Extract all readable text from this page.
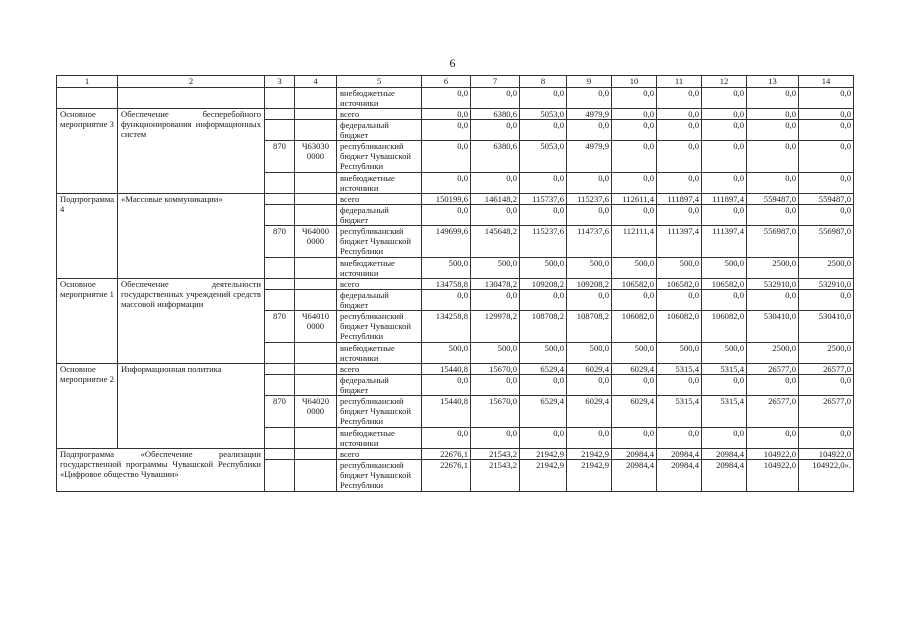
6
1	2	3	4	5	6	7	8	9	10	11	12	13	14
				внебюджетные источники	0,0	0,0	0,0	0,0	0,0	0,0	0,0	0,0	0,0
Основное мероприятие 3	Обеспечение бесперебойного функционирования информационных систем			всего	0,0	6380,6	5053,0	4979,9	0,0	0,0	0,0	0,0	0,0
				федеральный бюджет	0,0	0,0	0,0	0,0	0,0	0,0	0,0	0,0	0,0
		870	Ч63030 0000	республиканский бюджет Чувашской Республики	0,0	6380,6	5053,0	4979,9	0,0	0,0	0,0	0,0	0,0
				внебюджетные источники	0,0	0,0	0,0	0,0	0,0	0,0	0,0	0,0	0,0
Подпрограмма 4	«Массовые коммуникации»			всего	150199,6	146148,2	115737,6	115237,6	112611,4	111897,4	111897,4	559487,0	559487,0
				федеральный бюджет	0,0	0,0	0,0	0,0	0,0	0,0	0,0	0,0	0,0
		870	Ч64000 0000	республиканский бюджет Чувашской Республики	149699,6	145648,2	115237,6	114737,6	112111,4	111397,4	111397,4	556987,0	556987,0
				внебюджетные источники	500,0	500,0	500,0	500,0	500,0	500,0	500,0	2500,0	2500,0
Основное мероприятие 1	Обеспечение деятельности государственных учреждений средств массовой информации			всего	134758,8	130478,2	109208,2	109208,2	106582,0	106582,0	106582,0	532910,0	532910,0
				федеральный бюджет	0,0	0,0	0,0	0,0	0,0	0,0	0,0	0,0	0,0
		870	Ч64010 0000	республиканский бюджет Чувашской Республики	134258,8	129978,2	108708,2	108708,2	106082,0	106082,0	106082,0	530410,0	530410,0
				внебюджетные источники	500,0	500,0	500,0	500,0	500,0	500,0	500,0	2500,0	2500,0
Основное мероприятие 2	Информационная политика			всего	15440,8	15670,0	6529,4	6029,4	6029,4	5315,4	5315,4	26577,0	26577,0
				федеральный бюджет	0,0	0,0	0,0	0,0	0,0	0,0	0,0	0,0	0,0
		870	Ч64020 0000	республиканский бюджет Чувашской Республики	15440,8	15670,0	6529,4	6029,4	6029,4	5315,4	5315,4	26577,0	26577,0
				внебюджетные источники	0,0	0,0	0,0	0,0	0,0	0,0	0,0	0,0	0,0
Подпрограмма «Обеспечение реализации государственной программы Чувашской Республики «Цифровое общество Чувашии»				всего	22676,1	21543,2	21942,9	21942,9	20984,4	20984,4	20984,4	104922,0	104922,0
				республиканский бюджет Чувашской Республики	22676,1	21543,2	21942,9	21942,9	20984,4	20984,4	20984,4	104922,0	104922,0».
